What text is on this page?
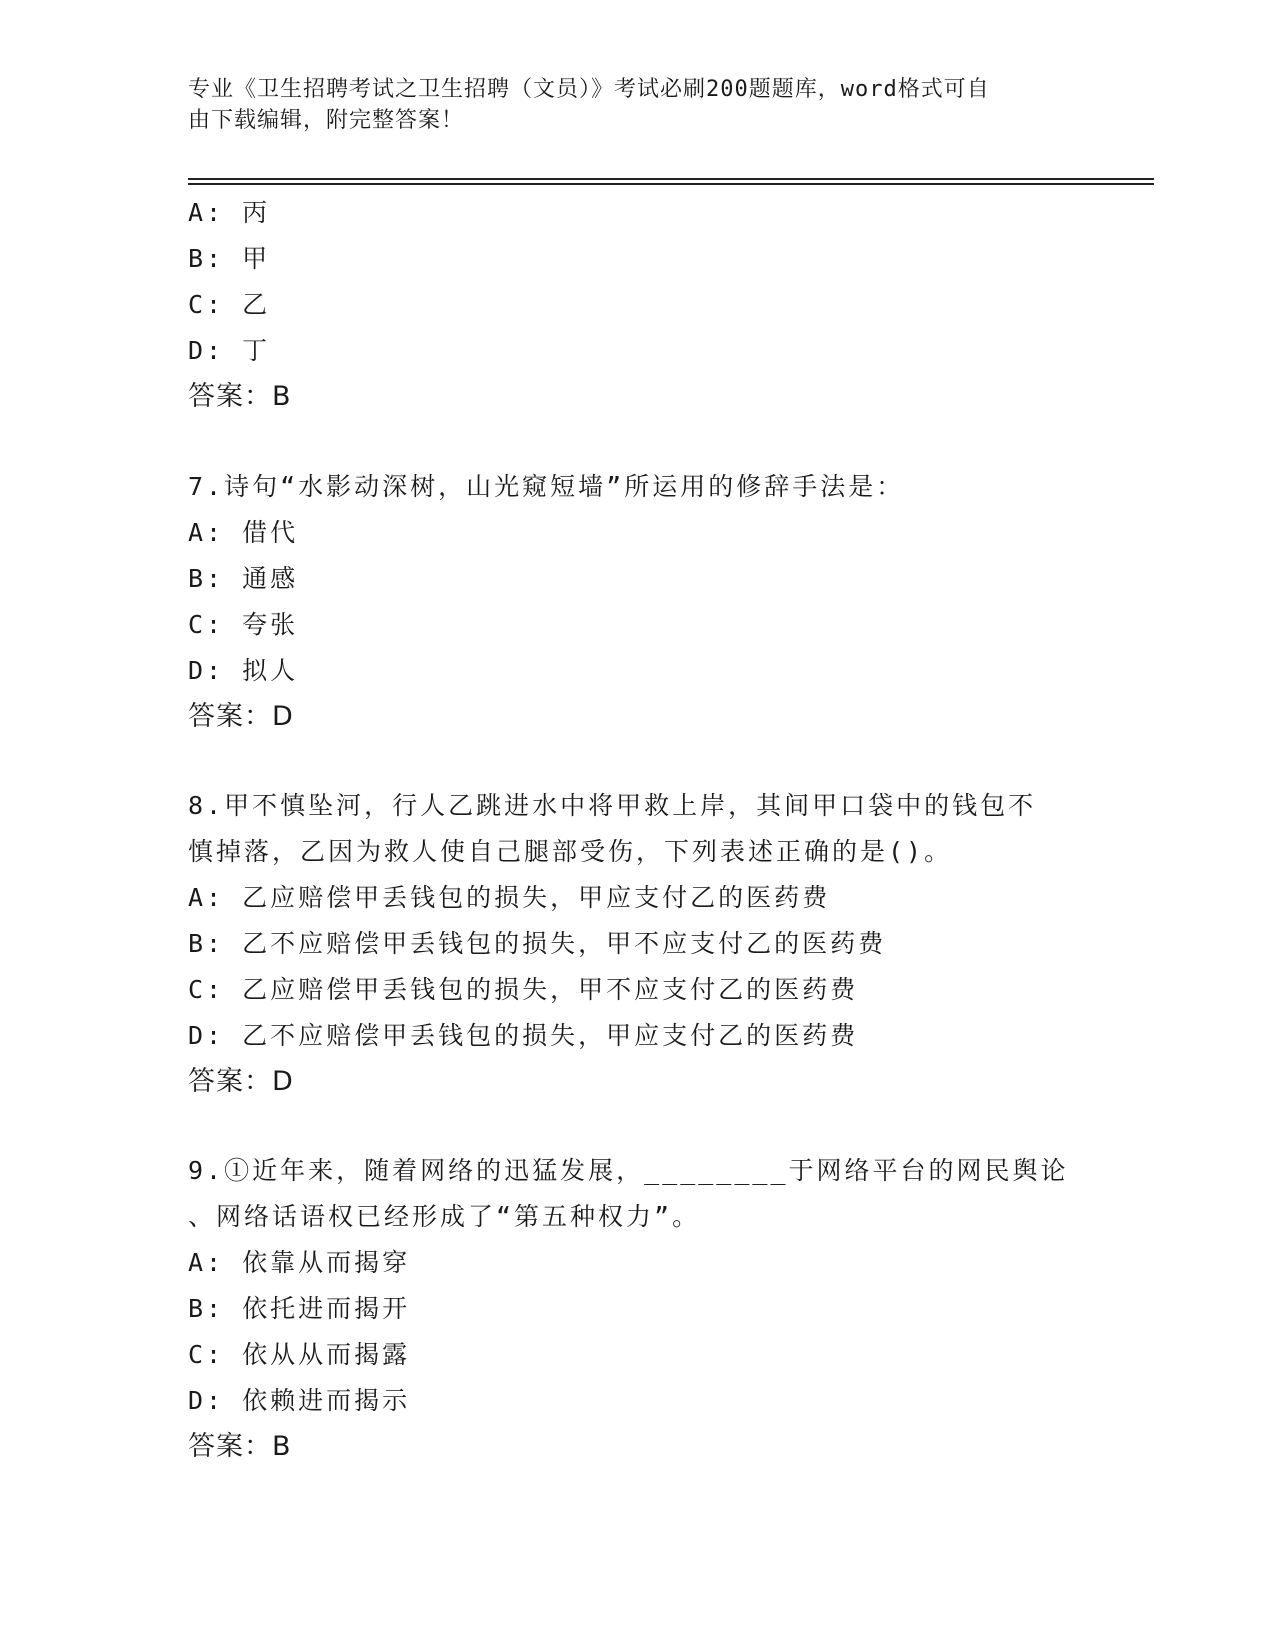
专业《卫生招聘考试之卫生招聘（文员）》考试必刷200题题库，word格式可自
由下载编辑，附完整答案！
A: 丙
B: 甲
C: 乙
D: 丁
答案：B
7.诗句“水影动深树，山光窥短墙”所运用的修辞手法是：
A: 借代
B: 通感
C: 夸张
D: 拟人
答案：D
8.甲不慎坠河，行人乙跳进水中将甲救上岸，其间甲口袋中的钱包不
慎掉落，乙因为救人使自己腿部受伤，下列表述正确的是()。
A: 乙应赔偿甲丢钱包的损失，甲应支付乙的医药费
B: 乙不应赔偿甲丢钱包的损失，甲不应支付乙的医药费
C: 乙应赔偿甲丢钱包的损失，甲不应支付乙的医药费
D: 乙不应赔偿甲丢钱包的损失，甲应支付乙的医药费
答案：D
9.①近年来，随着网络的迅猛发展，________于网络平台的网民舆论
、网络话语权已经形成了“第五种权力”。
A: 依靠从而揭穿
B: 依托进而揭开
C: 依从从而揭露
D: 依赖进而揭示
答案：B
